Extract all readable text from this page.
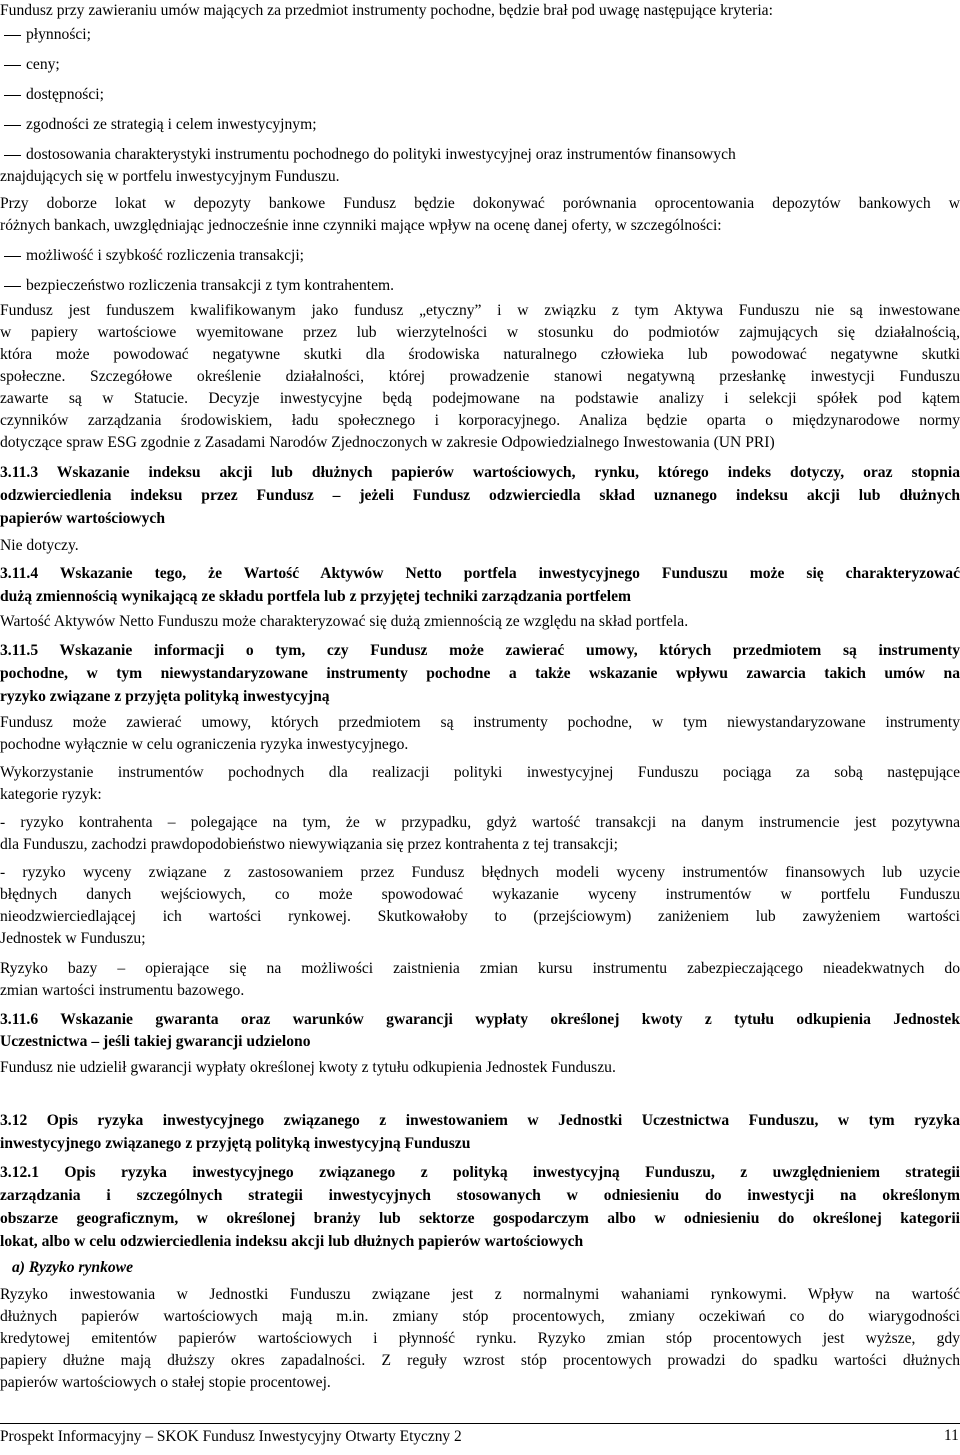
Fundusz przy zawieraniu umów mających za przedmiot instrumenty pochodne, będzie brał pod uwagę następujące kryteria:

płynności;

ceny;

dostępności;

zgodności ze strategią i celem inwestycyjnym;

dostosowania charakterystyki instrumentu pochodnego do polityki inwestycyjnej oraz instrumentów finansowych

znajdujących się w portfelu inwestycyjnym Funduszu.

Przy doborze lokat w depozyty bankowe Fundusz będzie dokonywać porównania oprocentowania depozytów bankowych w

różnych bankach, uwzględniając jednocześnie inne czynniki mające wpływ na ocenę danej oferty, w szczególności:

możliwość i szybkość rozliczenia transakcji;

bezpieczeństwo rozliczenia transakcji z tym kontrahentem.

Fundusz jest funduszem kwalifikowanym jako fundusz „etyczny” i w związku z tym Aktywa Funduszu nie są inwestowane

w papiery wartościowe wyemitowane przez lub wierzytelności w stosunku do podmiotów zajmujących się działalnością,

która może powodować negatywne skutki dla środowiska naturalnego człowieka lub powodować negatywne skutki

społeczne. Szczegółowe określenie działalności, której prowadzenie stanowi negatywną przesłankę inwestycji Funduszu

zawarte są w Statucie. Decyzje inwestycyjne będą podejmowane na podstawie analizy i selekcji spółek pod kątem

czynników zarządzania środowiskiem, ładu społecznego i korporacyjnego. Analiza będzie oparta o międzynarodowe normy

dotyczące spraw ESG zgodnie z Zasadami Narodów Zjednoczonych w zakresie Odpowiedzialnego Inwestowania (UN PRI)

3.11.3 Wskazanie indeksu akcji lub dłużnych papierów wartościowych, rynku, którego indeks dotyczy, oraz stopnia

odzwierciedlenia indeksu przez Fundusz – jeżeli Fundusz odzwierciedla skład uznanego indeksu akcji lub dłużnych

papierów wartościowych

Nie dotyczy.

3.11.4 Wskazanie tego, że Wartość Aktywów Netto portfela inwestycyjnego Funduszu może się charakteryzować

dużą zmiennością wynikającą ze składu portfela lub z przyjętej techniki zarządzania portfelem

Wartość Aktywów Netto Funduszu może charakteryzować się dużą zmiennością ze względu na skład portfela.

3.11.5 Wskazanie informacji o tym, czy Fundusz może zawierać umowy, których przedmiotem są instrumenty

pochodne, w tym niewystandaryzowane instrumenty pochodne a także wskazanie wpływu zawarcia takich umów na

ryzyko związane z przyjęta polityką inwestycyjną

Fundusz może zawierać umowy, których przedmiotem są instrumenty pochodne, w tym niewystandaryzowane instrumenty

pochodne wyłącznie w celu ograniczenia ryzyka inwestycyjnego.

Wykorzystanie instrumentów pochodnych dla realizacji polityki inwestycyjnej Funduszu pociąga za sobą następujące

kategorie ryzyk:

- ryzyko kontrahenta – polegające na tym, że w przypadku, gdyż wartość transakcji na danym instrumencie jest pozytywna

dla Funduszu, zachodzi prawdopodobieństwo niewywiązania się przez kontrahenta z tej transakcji;

- ryzyko wyceny związane z zastosowaniem przez Fundusz błędnych modeli wyceny instrumentów finansowych lub uzycie

błędnych danych wejściowych, co może spowodować wykazanie wyceny instrumentów w portfelu Funduszu

nieodzwierciedlającej ich wartości rynkowej. Skutkowałoby to (przejściowym) zaniżeniem lub zawyżeniem wartości

Jednostek w Funduszu;

Ryzyko bazy – opierające się na możliwości zaistnienia zmian kursu instrumentu zabezpieczającego nieadekwatnych do

zmian wartości instrumentu bazowego.

3.11.6 Wskazanie gwaranta oraz warunków gwarancji wypłaty określonej kwoty z tytułu odkupienia Jednostek

Uczestnictwa – jeśli takiej gwarancji udzielono

Fundusz nie udzielił gwarancji wypłaty określonej kwoty z tytułu odkupienia Jednostek Funduszu.

3.12 Opis ryzyka inwestycyjnego związanego z inwestowaniem w Jednostki Uczestnictwa Funduszu, w tym ryzyka

inwestycyjnego związanego z przyjętą polityką inwestycyjną Funduszu

3.12.1 Opis ryzyka inwestycyjnego związanego z polityką inwestycyjną Funduszu, z uwzględnieniem strategii

zarządzania i szczególnych strategii inwestycyjnych stosowanych w odniesieniu do inwestycji na określonym

obszarze geograficznym, w określonej branży lub sektorze gospodarczym albo w odniesieniu do określonej kategorii

lokat, albo w celu odzwierciedlenia indeksu akcji lub dłużnych papierów wartościowych

a) Ryzyko rynkowe

Ryzyko inwestowania w Jednostki Funduszu związane jest z normalnymi wahaniami rynkowymi. Wpływ na wartość

dłużnych papierów wartościowych mają m.in. zmiany stóp procentowych, zmiany oczekiwań co do wiarygodności

kredytowej emitentów papierów wartościowych i płynność rynku. Ryzyko zmian stóp procentowych jest wyższe, gdy

papiery dłużne mają dłuższy okres zapadalności. Z reguły wzrost stóp procentowych prowadzi do spadku wartości dłużnych

papierów wartościowych o stałej stopie procentowej.

Prospekt Informacyjny – SKOK Fundusz Inwestycyjny Otwarty Etyczny 2	11
